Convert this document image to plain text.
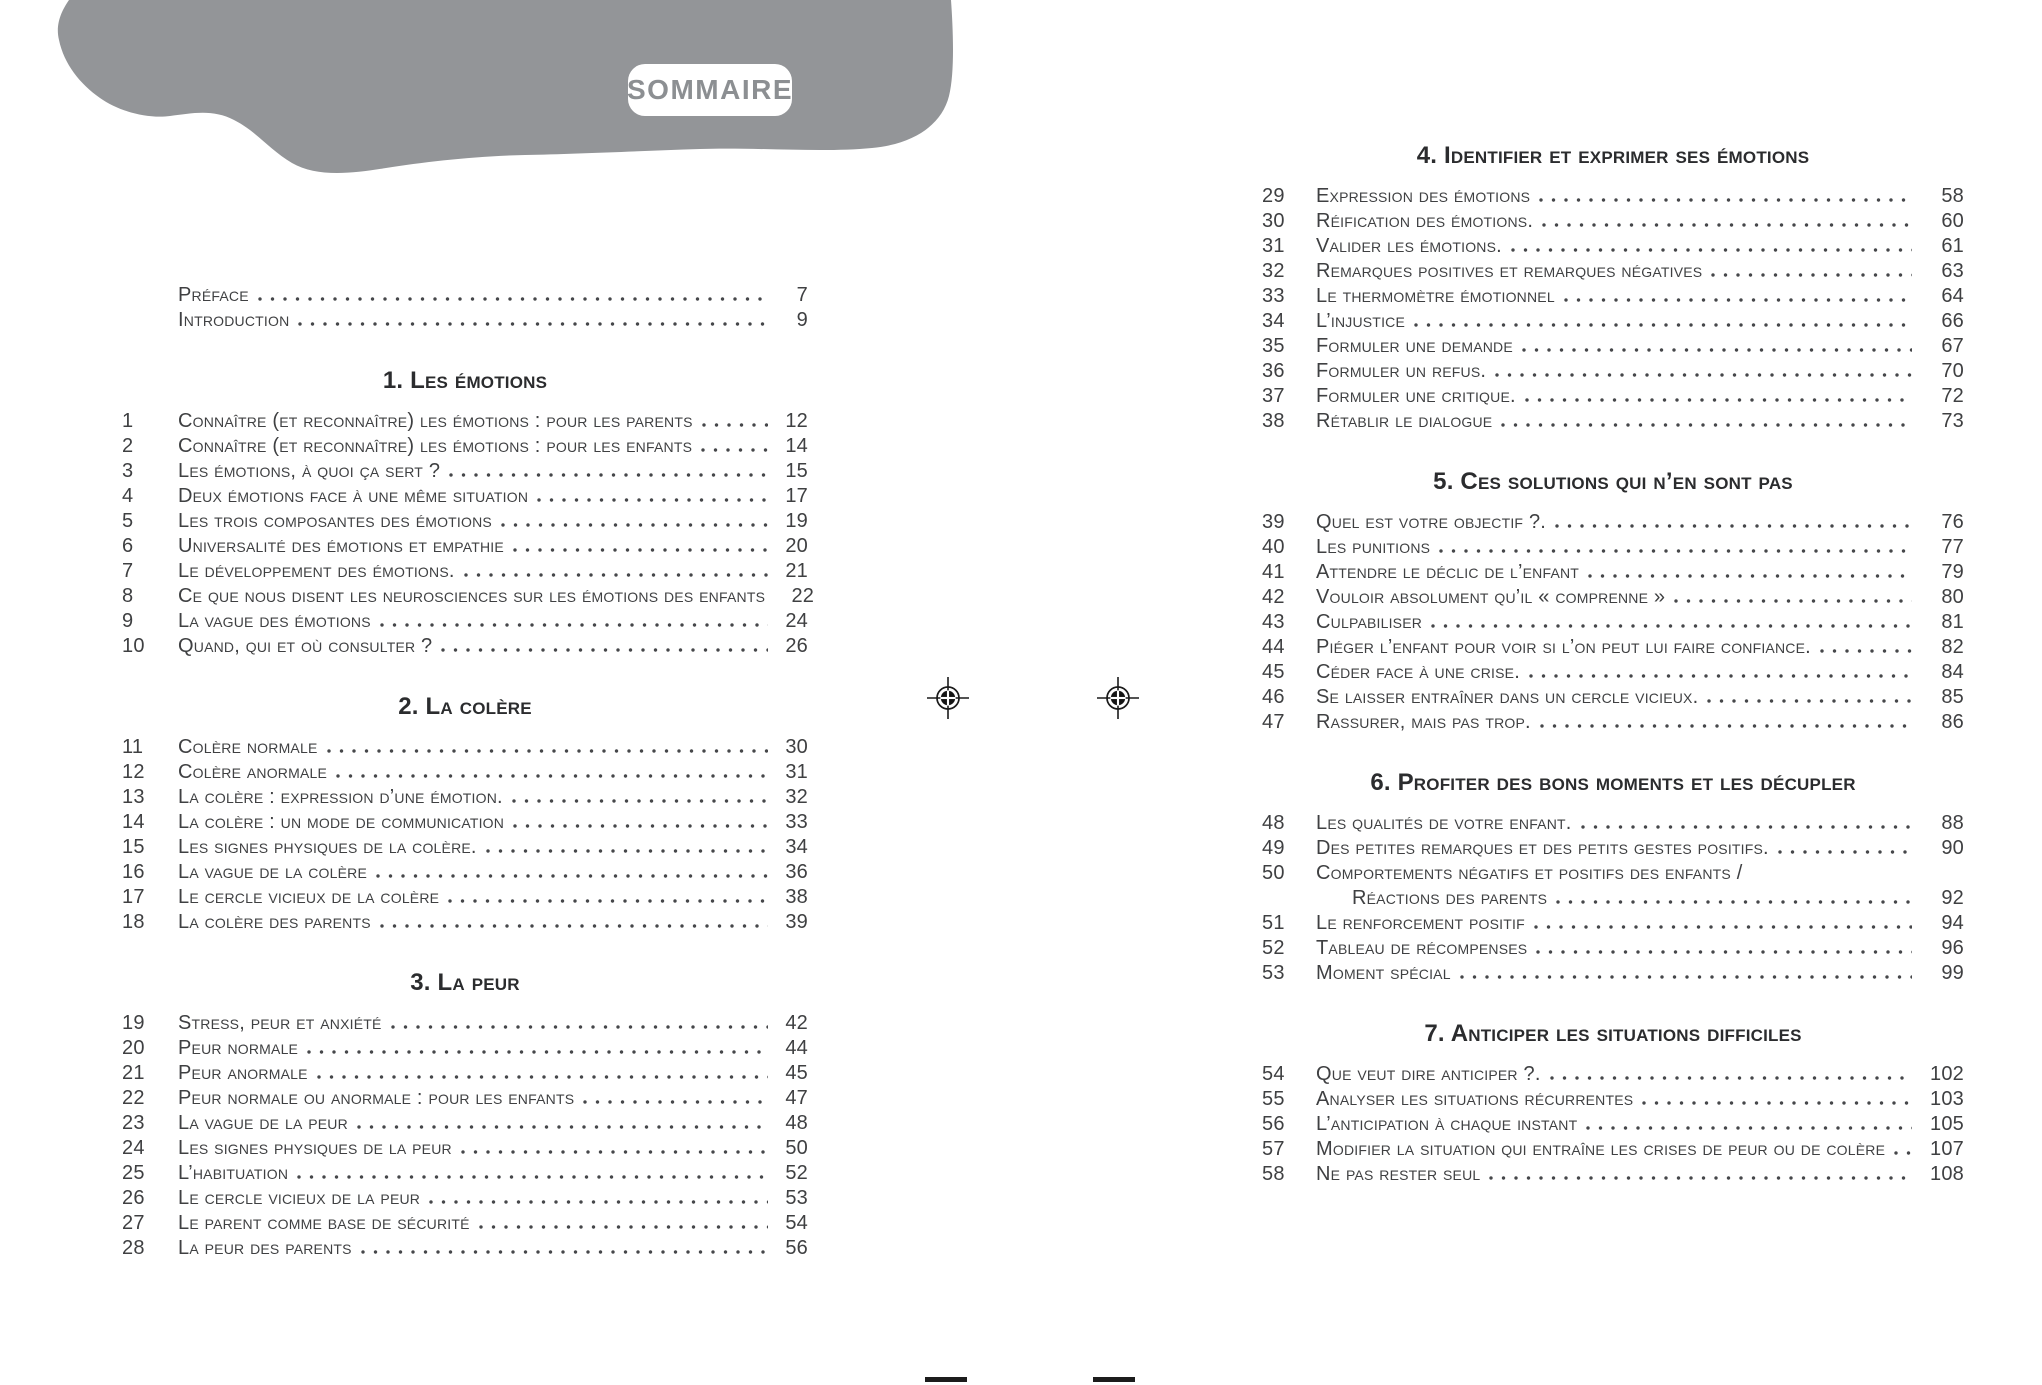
SOMMAIRE
Préface	7
Introduction	9
1. Les émotions
1	Connaître (et reconnaître) les émotions : pour les parents	12
2	Connaître (et reconnaître) les émotions : pour les enfants	14
3	Les émotions, à quoi ça sert ?	15
4	Deux émotions face à une même situation	17
5	Les trois composantes des émotions	19
6	Universalité des émotions et empathie	20
7	Le développement des émotions.	21
8	Ce que nous disent les neurosciences sur les émotions des enfants	22
9	La vague des émotions	24
10	Quand, qui et où consulter ?	26
2. La colère
11	Colère normale	30
12	Colère anormale	31
13	La colère : expression d’une émotion.	32
14	La colère : un mode de communication	33
15	Les signes physiques de la colère.	34
16	La vague de la colère	36
17	Le cercle vicieux de la colère	38
18	La colère des parents	39
3. La peur
19	Stress, peur et anxiété	42
20	Peur normale	44
21	Peur anormale	45
22	Peur normale ou anormale : pour les enfants	47
23	La vague de la peur	48
24	Les signes physiques de la peur	50
25	L’habituation	52
26	Le cercle vicieux de la peur	53
27	Le parent comme base de sécurité	54
28	La peur des parents	56
4. Identifier et exprimer ses émotions
29	Expression des émotions	58
30	Réification des émotions.	60
31	Valider les émotions.	61
32	Remarques positives et remarques négatives	63
33	Le thermomètre émotionnel	64
34	L’injustice	66
35	Formuler une demande	67
36	Formuler un refus.	70
37	Formuler une critique.	72
38	Rétablir le dialogue	73
5. Ces solutions qui n’en sont pas
39	Quel est votre objectif ?.	76
40	Les punitions	77
41	Attendre le déclic de l’enfant	79
42	Vouloir absolument qu’il « comprenne »	80
43	Culpabiliser	81
44	Piéger l’enfant pour voir si l’on peut lui faire confiance.	82
45	Céder face à une crise.	84
46	Se laisser entraîner dans un cercle vicieux.	85
47	Rassurer, mais pas trop.	86
6. Profiter des bons moments et les décupler
48	Les qualités de votre enfant.	88
49	Des petites remarques et des petits gestes positifs.	90
50	Comportements négatifs et positifs des enfants /
Réactions des parents	92
51	Le renforcement positif	94
52	Tableau de récompenses	96
53	Moment spécial	99
7. Anticiper les situations difficiles
54	Que veut dire anticiper ?.	102
55	Analyser les situations récurrentes	103
56	L’anticipation à chaque instant	105
57	Modifier la situation qui entraîne les crises de peur ou de colère	107
58	Ne pas rester seul	108
